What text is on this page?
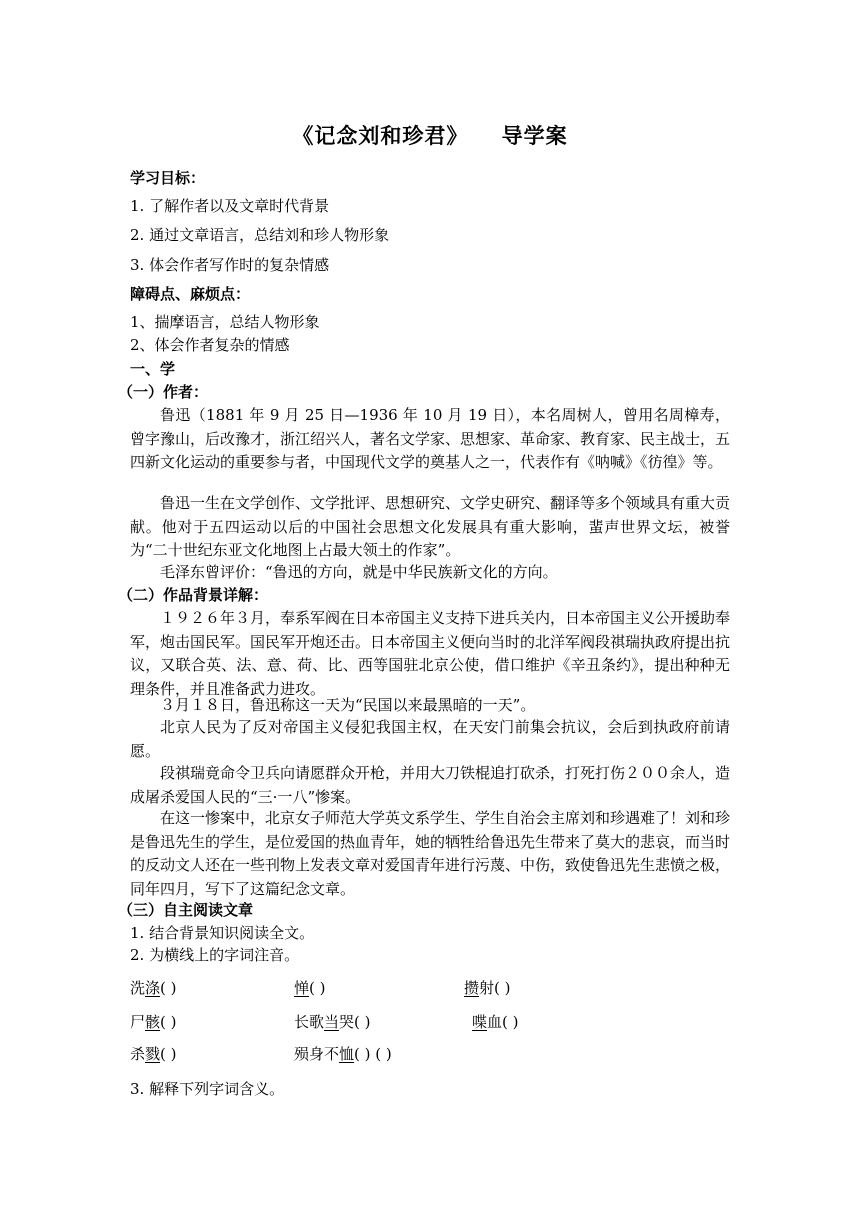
《记念刘和珍君》    导学案
学习目标：
1. 了解作者以及文章时代背景
2. 通过文章语言，总结刘和珍人物形象
3. 体会作者写作时的复杂情感
障碍点、麻烦点：
1、揣摩语言，总结人物形象
2、体会作者复杂的情感
一、学
（一）作者：
鲁迅（1881 年 9 月 25 日—1936 年 10 月 19 日），本名周树人，曾用名周樟寿，曾字豫山，后改豫才，浙江绍兴人，著名文学家、思想家、革命家、教育家、民主战士，五四新文化运动的重要参与者，中国现代文学的奠基人之一，代表作有《呐喊》《彷徨》等。
鲁迅一生在文学创作、文学批评、思想研究、文学史研究、翻译等多个领域具有重大贡献。他对于五四运动以后的中国社会思想文化发展具有重大影响，蜚声世界文坛，被誉为“二十世纪东亚文化地图上占最大领土的作家”。
毛泽东曾评价：“鲁迅的方向，就是中华民族新文化的方向。
（二）作品背景详解：
１９２６年３月，奉系军阀在日本帝国主义支持下进兵关内，日本帝国主义公开援助奉军，炮击国民军。国民军开炮还击。日本帝国主义便向当时的北洋军阀段祺瑞执政府提出抗议，又联合英、法、意、荷、比、西等国驻北京公使，借口维护《辛丑条约》，提出种种无理条件，并且准备武力进攻。
３月１８日，鲁迅称这一天为“民国以来最黑暗的一天”。
北京人民为了反对帝国主义侵犯我国主权，在天安门前集会抗议，会后到执政府前请愿。
段祺瑞竟命令卫兵向请愿群众开枪，并用大刀铁棍追打砍杀，打死打伤２００余人，造成屠杀爱国人民的“三·一八”惨案。
在这一惨案中，北京女子师范大学英文系学生、学生自治会主席刘和珍遇难了！刘和珍是鲁迅先生的学生，是位爱国的热血青年，她的牺牲给鲁迅先生带来了莫大的悲哀，而当时的反动文人还在一些刊物上发表文章对爱国青年进行污蔑、中伤，致使鲁迅先生悲愤之极，同年四月，写下了这篇纪念文章。
（三）自主阅读文章
1. 结合背景知识阅读全文。
2. 为横线上的字词注音。
洗涤( )	惮( )	攒射( )
尸骸( )	长歌当哭( )	喋血( )
杀戮( )	殒身不恤( ) ( )
3. 解释下列字词含义。
